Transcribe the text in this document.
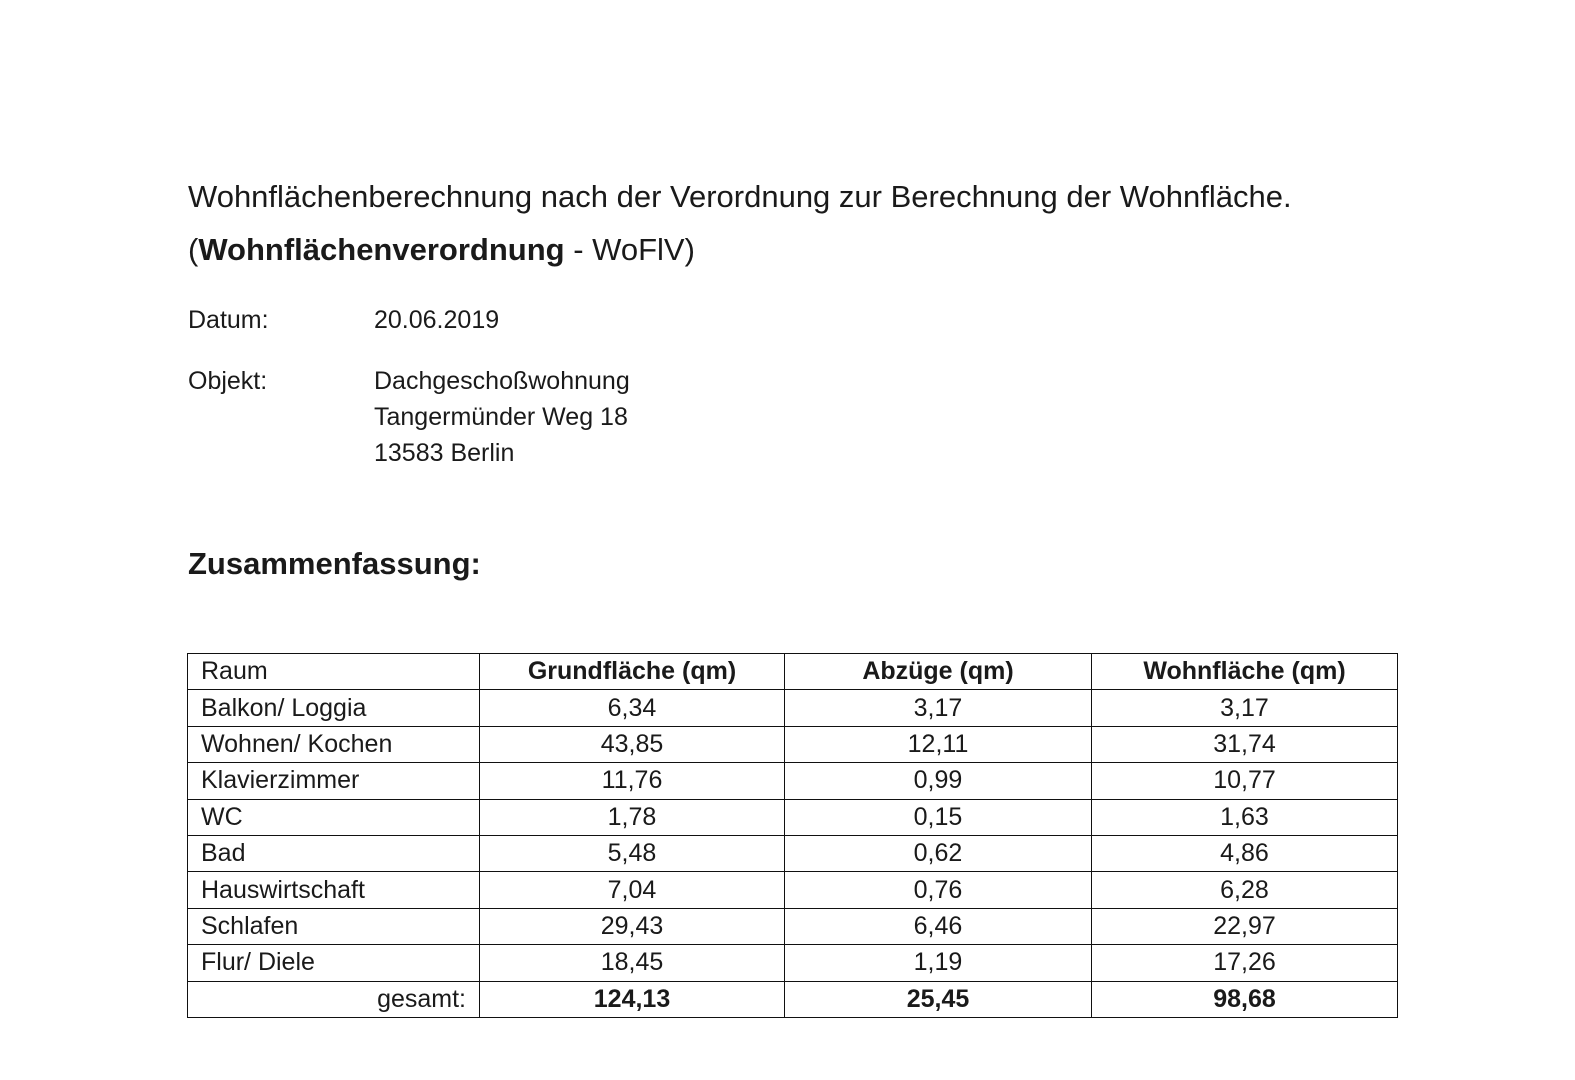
Wohnflächenberechnung nach der Verordnung zur Berechnung der Wohnfläche. (Wohnflächenverordnung - WoFlV)
Datum:	20.06.2019
Objekt:	Dachgeschoßwohnung
Tangermünder Weg 18
13583 Berlin
Zusammenfassung:
Raum	Grundfläche (qm)	Abzüge (qm)	Wohnfläche (qm)
Balkon/ Loggia	6,34	3,17	3,17
Wohnen/ Kochen	43,85	12,11	31,74
Klavierzimmer	11,76	0,99	10,77
WC	1,78	0,15	1,63
Bad	5,48	0,62	4,86
Hauswirtschaft	7,04	0,76	6,28
Schlafen	29,43	6,46	22,97
Flur/ Diele	18,45	1,19	17,26
gesamt:	124,13	25,45	98,68
